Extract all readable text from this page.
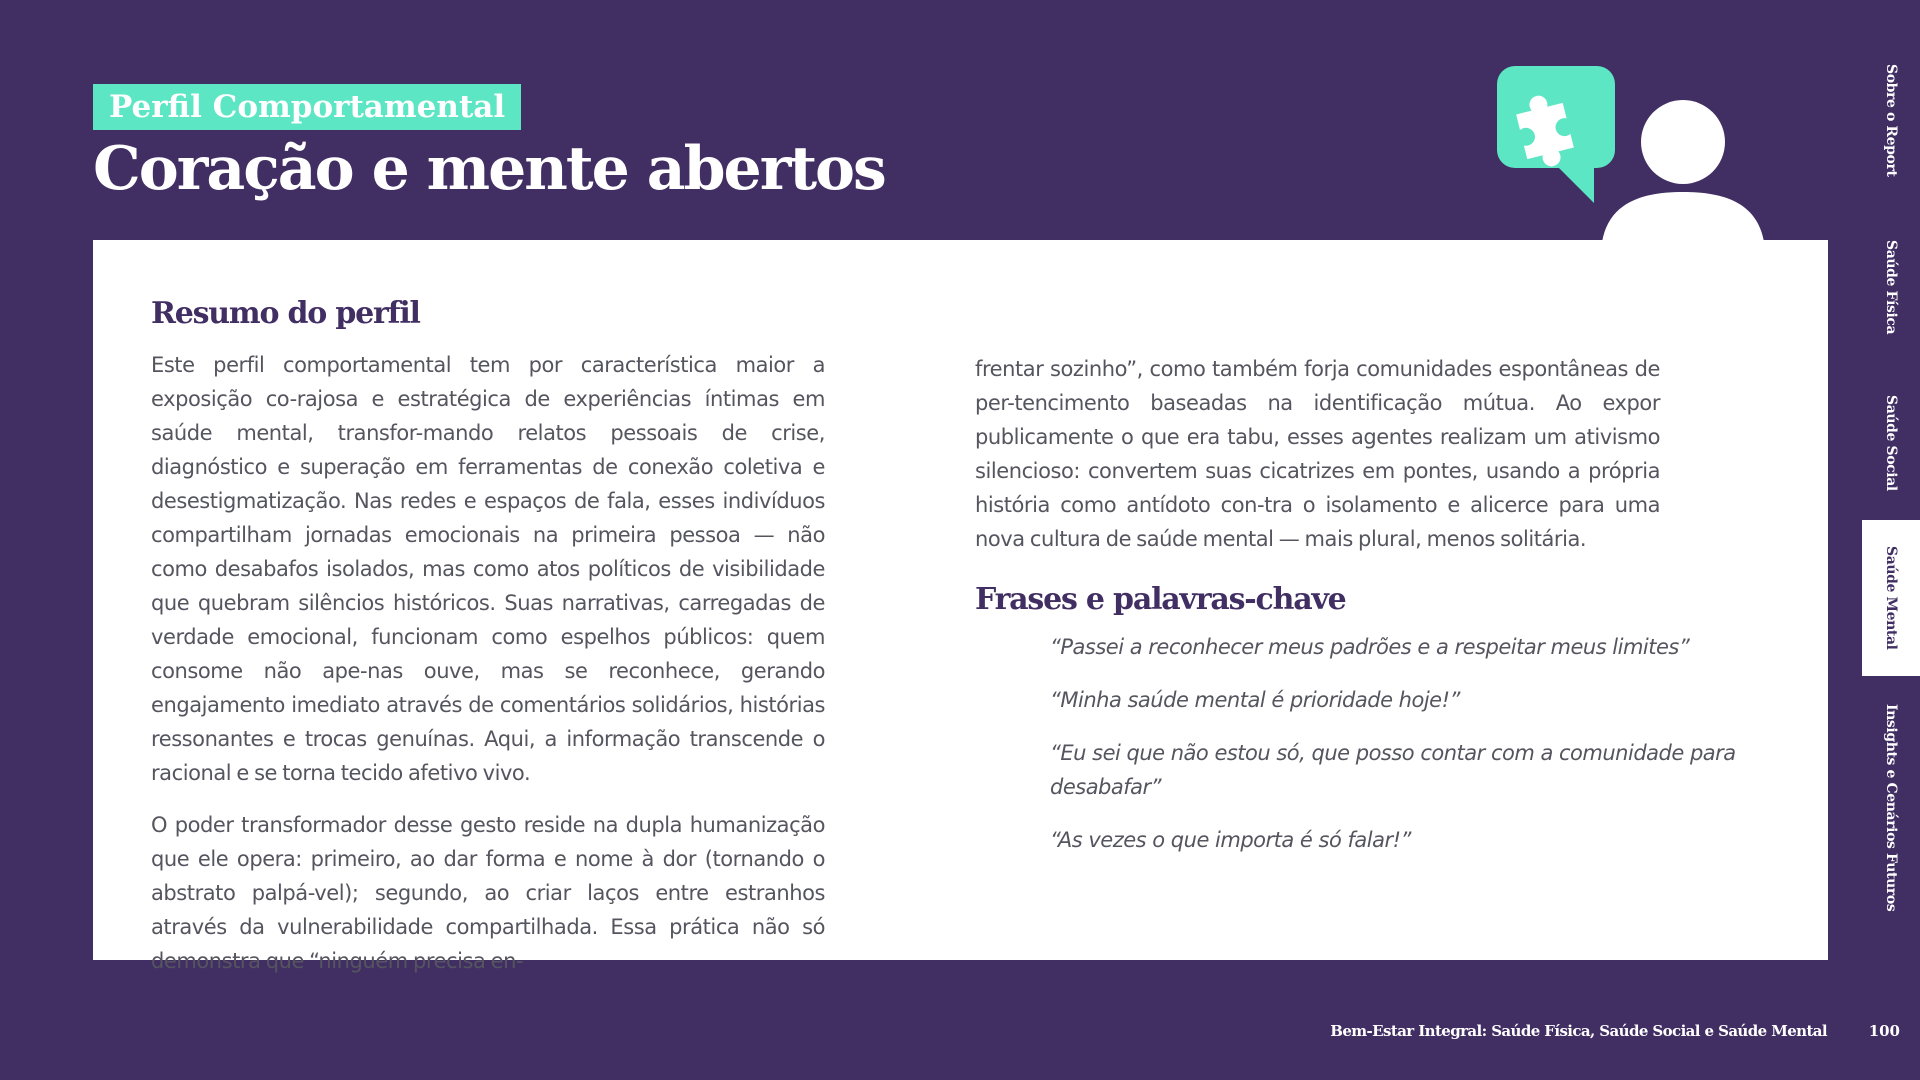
Perfil Comportamental
Coração e mente abertos
Resumo do perfil

Este perfil comportamental tem por característica maior a exposição co-rajosa e estratégica de experiências íntimas em saúde mental, transfor-mando relatos pessoais de crise, diagnóstico e superação em ferramentas de conexão coletiva e desestigmatização. Nas redes e espaços de fala, esses indivíduos compartilham jornadas emocionais na primeira pessoa — não como desabafos isolados, mas como atos políticos de visibilidade que quebram silêncios históricos. Suas narrativas, carregadas de verdade emocional, funcionam como espelhos públicos: quem consome não ape-nas ouve, mas se reconhece, gerando engajamento imediato através de comentários solidários, histórias ressonantes e trocas genuínas. Aqui, a informação transcende o racional e se torna tecido afetivo vivo.

O poder transformador desse gesto reside na dupla humanização que ele opera: primeiro, ao dar forma e nome à dor (tornando o abstrato palpá-vel); segundo, ao criar laços entre estranhos através da vulnerabilidade compartilhada. Essa prática não só demonstra que “ninguém precisa en-

frentar sozinho”, como também forja comunidades espontâneas de per-tencimento baseadas na identificação mútua. Ao expor publicamente o que era tabu, esses agentes realizam um ativismo silencioso: convertem suas cicatrizes em pontes, usando a própria história como antídoto con-tra o isolamento e alicerce para uma nova cultura de saúde mental — mais plural, menos solitária.

Frases e palavras-chave
“Passei a reconhecer meus padrões e a respeitar meus limites”
“Minha saúde mental é prioridade hoje!”
“Eu sei que não estou só, que posso contar com a comunidade para desabafar”
“As vezes o que importa é só falar!”
Sobre o Report
Saúde Física
Saúde Social
Saúde Mental
Insights e Cenários Futuros
Bem-Estar Integral: Saúde Física, Saúde Social e Saúde Mental	100
